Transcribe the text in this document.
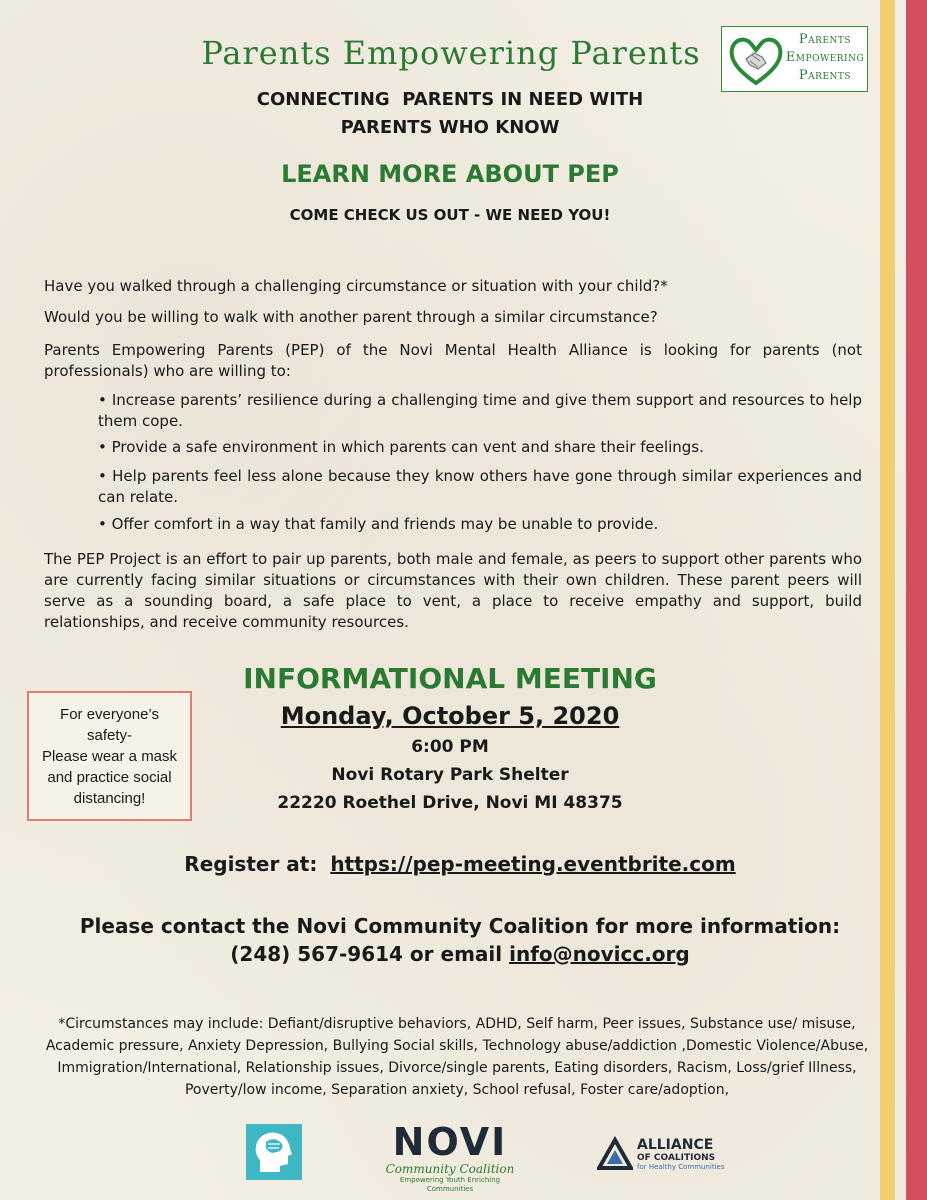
Parents Empowering Parents
CONNECTING  PARENTS IN NEED WITH
PARENTS WHO KNOW
LEARN MORE ABOUT PEP
COME CHECK US OUT - WE NEED YOU!
Parents
Empowering
Parents
Have you walked through a challenging circumstance or situation with your child?*
Would you be willing to walk with another parent through a similar circumstance?
Parents Empowering Parents (PEP) of the Novi Mental Health Alliance is looking for parents (not professionals) who are willing to:
• Increase parents’ resilience during a challenging time and give them support and resources to help them cope.
• Provide a safe environment in which parents can vent and share their feelings.
• Help parents feel less alone because they know others have gone through similar experiences and can relate.
• Offer comfort in a way that family and friends may be unable to provide.
The PEP Project is an effort to pair up parents, both male and female, as peers to support other parents who are currently facing similar situations or circumstances with their own children. These parent peers will serve as a sounding board, a safe place to vent, a place to receive empathy and support, build relationships, and receive community resources.
INFORMATIONAL MEETING
Monday, October 5, 2020
6:00 PM
Novi Rotary Park Shelter
22220 Roethel Drive, Novi MI 48375
For everyone’s
safety-
Please wear a mask
and practice social
distancing!
Register at: https://pep-meeting.eventbrite.com
Please contact the Novi Community Coalition for more information:
(248) 567-9614 or email info@novicc.org
*Circumstances may include: Defiant/disruptive behaviors, ADHD, Self harm, Peer issues, Substance use/ misuse, Academic pressure, Anxiety Depression, Bullying Social skills, Technology abuse/addiction ,Domestic Violence/Abuse, Immigration/International, Relationship issues, Divorce/single parents, Eating disorders, Racism, Loss/grief Illness, Poverty/low income, Separation anxiety, School refusal, Foster care/adoption,
NOVI
Community Coalition
Empowering Youth Enriching Communities
ALLIANCE
OF COALITIONS
for Healthy Communities
